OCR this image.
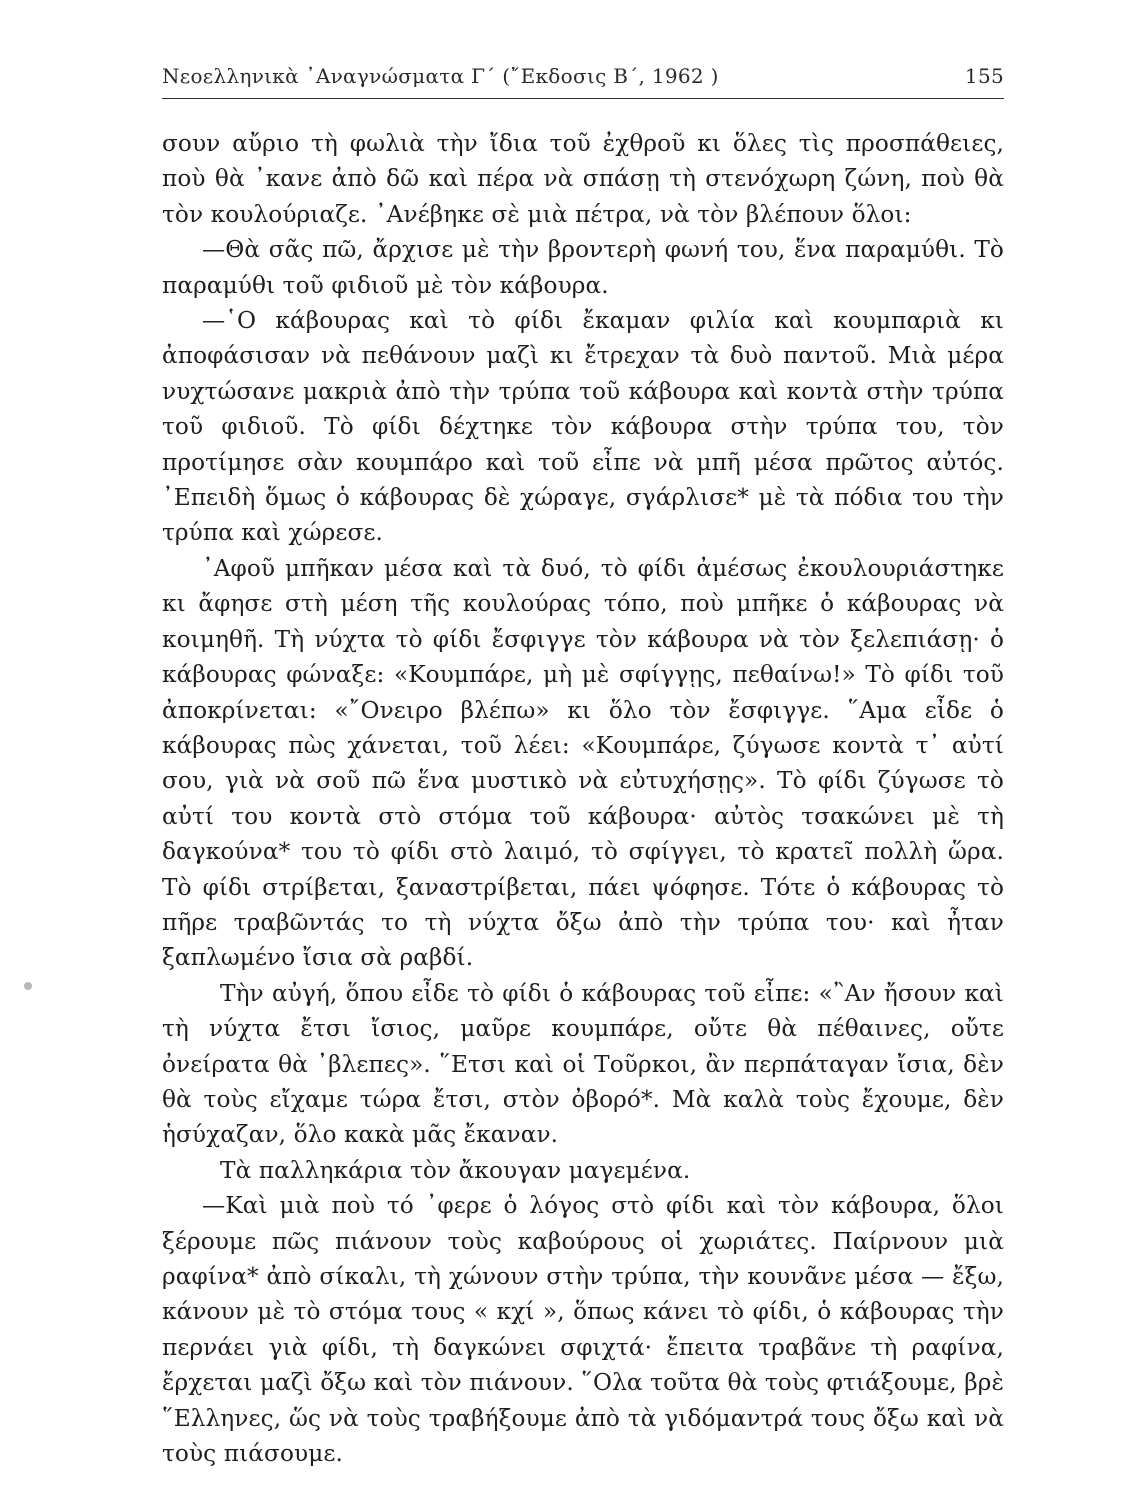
Νεοελληνικὰ ᾿Αναγνώσματα Γ΄ (῎Εκδοσις Β΄, 1962 )	155

σουν αὔριο τὴ φωλιὰ τὴν ἴδια τοῦ ἐχθροῦ κι ὅλες τὶς προσπάθειες, ποὺ θὰ ᾿κανε ἀπὸ δῶ καὶ πέρα νὰ σπάσῃ τὴ στενόχωρη ζώνη, ποὺ θὰ τὸν κουλούριαζε. ᾿Ανέβηκε σὲ μιὰ πέτρα, νὰ τὸν βλέπουν ὅλοι:

—Θὰ σᾶς πῶ, ἄρχισε μὲ τὴν βροντερὴ φωνή του, ἕνα παραμύθι. Τὸ παραμύθι τοῦ φιδιοῦ μὲ τὸν κάβουρα.

—῾Ο κάβουρας καὶ τὸ φίδι ἔκαμαν φιλία καὶ κουμπαριὰ κι ἀποφάσισαν νὰ πεθάνουν μαζὶ κι ἔτρεχαν τὰ δυὸ παντοῦ. Μιὰ μέρα νυχτώσανε μακριὰ ἀπὸ τὴν τρύπα τοῦ κάβουρα καὶ κοντὰ στὴν τρύπα τοῦ φιδιοῦ. Τὸ φίδι δέχτηκε τὸν κάβουρα στὴν τρύπα του, τὸν προτίμησε σὰν κουμπάρο καὶ τοῦ εἶπε νὰ μπῆ μέσα πρῶτος αὐτός. ᾿Επειδὴ ὅμως ὁ κάβουρας δὲ χώραγε, σγάρλισε* μὲ τὰ πόδια του τὴν τρύπα καὶ χώρεσε.

᾿Αφοῦ μπῆκαν μέσα καὶ τὰ δυό, τὸ φίδι ἀμέσως ἐκουλουριάστηκε κι ἄφησε στὴ μέση τῆς κουλούρας τόπο, ποὺ μπῆκε ὁ κάβουρας νὰ κοιμηθῆ. Τὴ νύχτα τὸ φίδι ἔσφιγγε τὸν κάβουρα νὰ τὸν ξελεπιάσῃ· ὁ κάβουρας φώναξε: «Κουμπάρε, μὴ μὲ σφίγγῃς, πεθαίνω!» Τὸ φίδι τοῦ ἀποκρίνεται: «῎Ονειρο βλέπω» κι ὅλο τὸν ἔσφιγγε. ῞Αμα εἶδε ὁ κάβουρας πὼς χάνεται, τοῦ λέει: «Κουμπάρε, ζύγωσε κοντὰ τ᾿ αὐτί σου, γιὰ νὰ σοῦ πῶ ἕνα μυστικὸ νὰ εὐτυχήσῃς». Τὸ φίδι ζύγωσε τὸ αὐτί του κοντὰ στὸ στόμα τοῦ κάβουρα· αὐτὸς τσακώνει μὲ τὴ δαγκούνα* του τὸ φίδι στὸ λαιμό, τὸ σφίγγει, τὸ κρατεῖ πολλὴ ὥρα. Τὸ φίδι στρίβεται, ξαναστρίβεται, πάει ψόφησε. Τότε ὁ κάβουρας τὸ πῆρε τραβῶντάς το τὴ νύχτα ὄξω ἀπὸ τὴν τρύπα του· καὶ ἦταν ξαπλωμένο ἴσια σὰ ραβδί.

Τὴν αὐγή, ὅπου εἶδε τὸ φίδι ὁ κάβουρας τοῦ εἶπε: «῍Αν ἤσουν καὶ τὴ νύχτα ἔτσι ἴσιος, μαῦρε κουμπάρε, οὔτε θὰ πέθαινες, οὔτε ὀνείρατα θὰ ᾿βλεπες». ῞Ετσι καὶ οἱ Τοῦρκοι, ἂν περπάταγαν ἴσια, δὲν θὰ τοὺς εἴχαμε τώρα ἔτσι, στὸν ὀβορό*. Μὰ καλὰ τοὺς ἔχουμε, δὲν ἡσύχαζαν, ὅλο κακὰ μᾶς ἔκαναν.

Τὰ παλληκάρια τὸν ἄκουγαν μαγεμένα.

—Καὶ μιὰ ποὺ τό ᾿φερε ὁ λόγος στὸ φίδι καὶ τὸν κάβουρα, ὅλοι ξέρουμε πῶς πιάνουν τοὺς καβούρους οἱ χωριάτες. Παίρνουν μιὰ ραφίνα* ἀπὸ σίκαλι, τὴ χώνουν στὴν τρύπα, τὴν κουνᾶνε μέσα — ἔξω, κάνουν μὲ τὸ στόμα τους « κχί », ὅπως κάνει τὸ φίδι, ὁ κάβουρας τὴν περνάει γιὰ φίδι, τὴ δαγκώνει σφιχτά· ἔπειτα τραβᾶνε τὴ ραφίνα, ἔρχεται μαζὶ ὄξω καὶ τὸν πιάνουν. ῞Ολα τοῦτα θὰ τοὺς φτιάξουμε, βρὲ ῞Ελληνες, ὥς νὰ τοὺς τραβήξουμε ἀπὸ τὰ γιδόμαντρά τους ὄξω καὶ νὰ τοὺς πιάσουμε.
